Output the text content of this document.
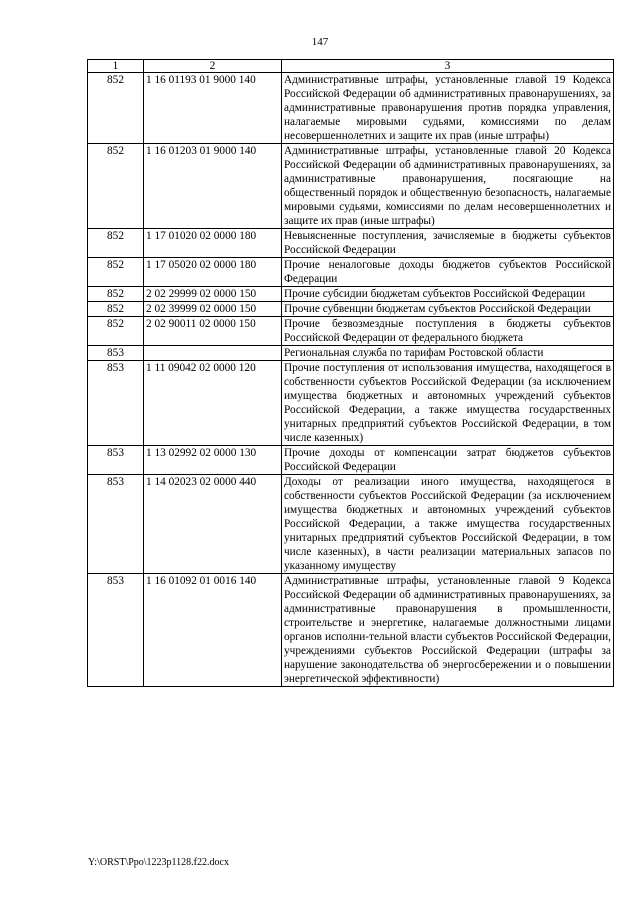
147
1	2	3
852	1 16 01193 01 9000 140	Административные штрафы, установленные главой 19 Кодекса Российской Федерации об административных правонарушениях, за административные правонарушения против порядка управления, налагаемые мировыми судьями, комиссиями по делам несовершеннолетних и защите их прав (иные штрафы)
852	1 16 01203 01 9000 140	Административные штрафы, установленные главой 20 Кодекса Российской Федерации об административных правонарушениях, за административные правонарушения, посягающие на общественный порядок и общественную безопасность, налагаемые мировыми судьями, комиссиями по делам несовершеннолетних и защите их прав (иные штрафы)
852	1 17 01020 02 0000 180	Невыясненные поступления, зачисляемые в бюджеты субъектов Российской Федерации
852	1 17 05020 02 0000 180	Прочие неналоговые доходы бюджетов субъектов Российской Федерации
852	2 02 29999 02 0000 150	Прочие субсидии бюджетам субъектов Российской Федерации
852	2 02 39999 02 0000 150	Прочие субвенции бюджетам субъектов Российской Федерации
852	2 02 90011 02 0000 150	Прочие безвозмездные поступления в бюджеты субъектов Российской Федерации от федерального бюджета
853		Региональная служба по тарифам Ростовской области
853	1 11 09042 02 0000 120	Прочие поступления от использования имущества, находящегося в собственности субъектов Российской Федерации (за исключением имущества бюджетных и автономных учреждений субъектов Российской Федерации, а также имущества государственных унитарных предприятий субъектов Российской Федерации, в том числе казенных)
853	1 13 02992 02 0000 130	Прочие доходы от компенсации затрат бюджетов субъектов Российской Федерации
853	1 14 02023 02 0000 440	Доходы от реализации иного имущества, находящегося в собственности субъектов Российской Федерации (за исключением имущества бюджетных и автономных учреждений субъектов Российской Федерации, а также имущества государственных унитарных предприятий субъектов Российской Федерации, в том числе казенных), в части реализации материальных запасов по указанному имуществу
853	1 16 01092 01 0016 140	Административные штрафы, установленные главой 9 Кодекса Российской Федерации об административных правонарушениях, за административные правонарушения в промышленности, строительстве и энергетике, налагаемые должностными лицами органов исполни-тельной власти субъектов Российской Федерации, учреждениями субъектов Российской Федерации (штрафы за нарушение законодательства об энергосбережении и о повышении энергетической эффективности)
Y:\ORST\Ppo\1223p1128.f22.docx
